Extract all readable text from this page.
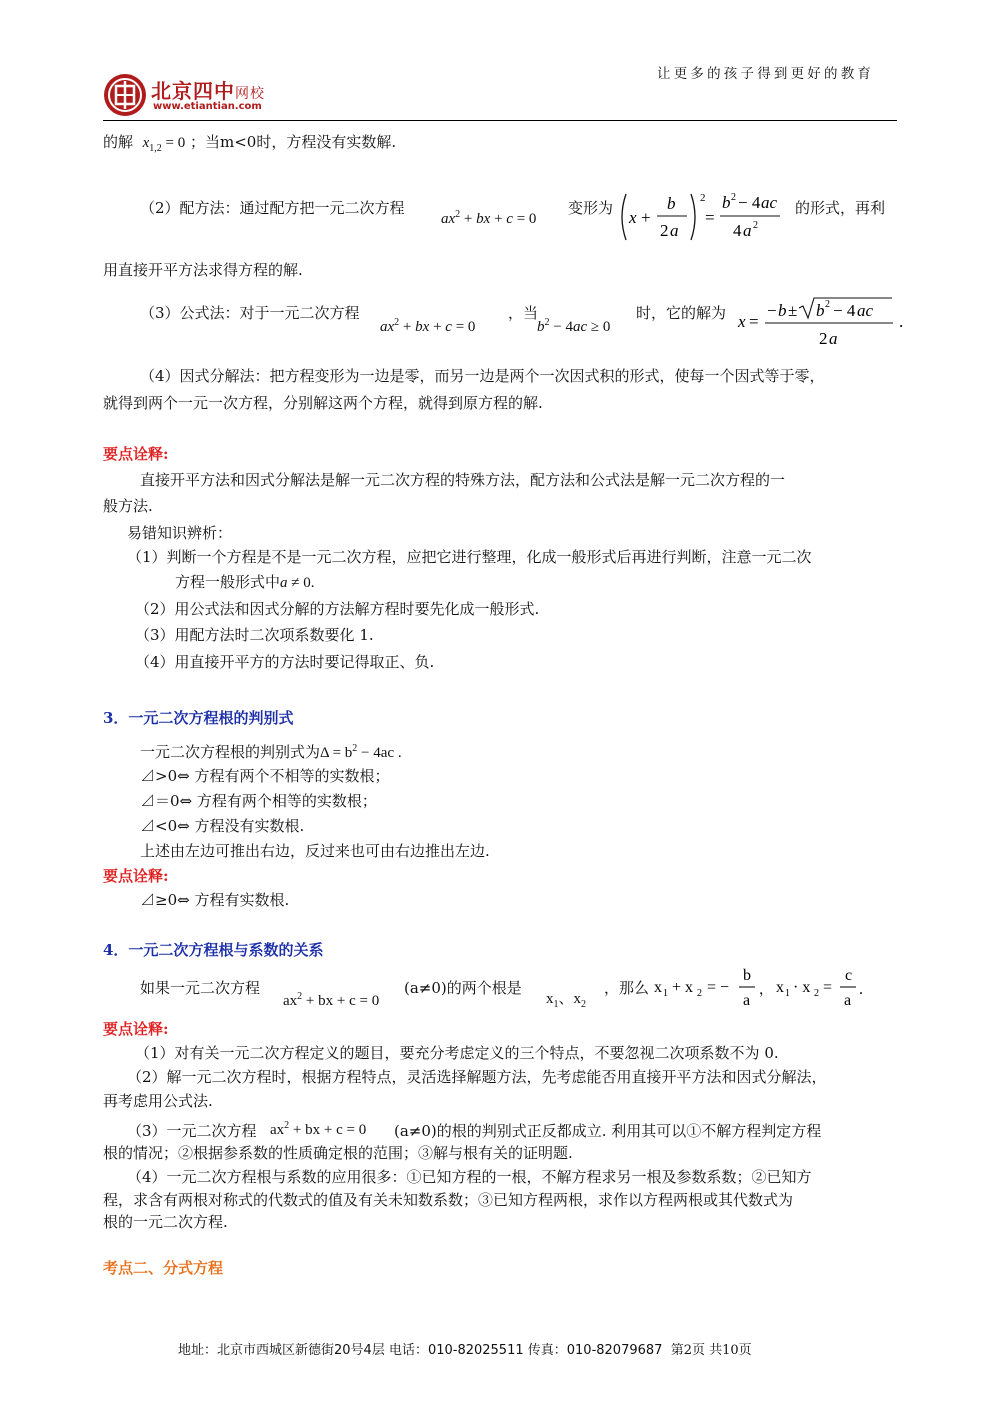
北京四中网校
www.etiantian.com
让更多的孩子得到更好的教育
的解 $x_{1,2} = 0$ ；当m<0时，方程没有实数解.
（2）配方法：通过配方把一元二次方程
$ax^2$ + bx + c = 0
变形为 x +
b
2 a
2
=
b 2 − 4 ac
4 a 2
的形式，再利
用直接开平方法求得方程的解.
（3）公式法：对于一元二次方程
$ax^2$ + bx + c = 0
，当
$b^2 - 4ac \ge 0$
时，它的解为 x =
− b ± b 2 − 4 ac
2 a
.
（4）因式分解法：把方程变形为一边是零，而另一边是两个一次因式积的形式，使每一个因式等于零，
就得到两个一元一次方程，分别解这两个方程，就得到原方程的解.
要点诠释:
直接开平方法和因式分解法是解一元二次方程的特殊方法，配方法和公式法是解一元二次方程的一
般方法.
易错知识辨析：
（1）判断一个方程是不是一元二次方程，应把它进行整理，化成一般形式后再进行判断，注意一元二次
方程一般形式中a ≠ 0.
（2）用公式法和因式分解的方法解方程时要先化成一般形式.
（3）用配方法时二次项系数要化 1.
（4）用直接开平方的方法时要记得取正、负.
3．一元二次方程根的判别式
一元二次方程根的判别式为$\Delta = b^2 - 4ac$ .
⊿>0⇔ 方程有两个不相等的实数根；
⊿＝0⇔ 方程有两个相等的实数根；
⊿<0⇔ 方程没有实数根.
上述由左边可推出右边，反过来也可由右边推出左边.
要点诠释:
⊿≥0⇔ 方程有实数根.
4．一元二次方程根与系数的关系
如果一元二次方程
$ax^2$ + bx + c = 0
(a≠0)的两个根是
$x_1$、$x_2$
，那么 x 1 + x 2 = −
b
a
， x 1 · x 2 =
c
a
.
要点诠释:
（1）对有关一元二次方程定义的题目，要充分考虑定义的三个特点，不要忽视二次项系数不为 0.
（2）解一元二次方程时，根据方程特点，灵活选择解题方法，先考虑能否用直接开平方法和因式分解法，
再考虑用公式法.
（3）一元二次方程 $ax^2$ + bx + c = 0 (a≠0)的根的判别式正反都成立. 利用其可以①不解方程判定方程
根的情况；②根据参系数的性质确定根的范围；③解与根有关的证明题.
（4）一元二次方程根与系数的应用很多：①已知方程的一根，不解方程求另一根及参数系数；②已知方
程，求含有两根对称式的代数式的值及有关未知数系数；③已知方程两根，求作以方程两根或其代数式为
根的一元二次方程.
考点二、分式方程
地址：北京市西城区新德街20号4层 电话：010-82025511 传真：010-82079687 第2页 共10页
